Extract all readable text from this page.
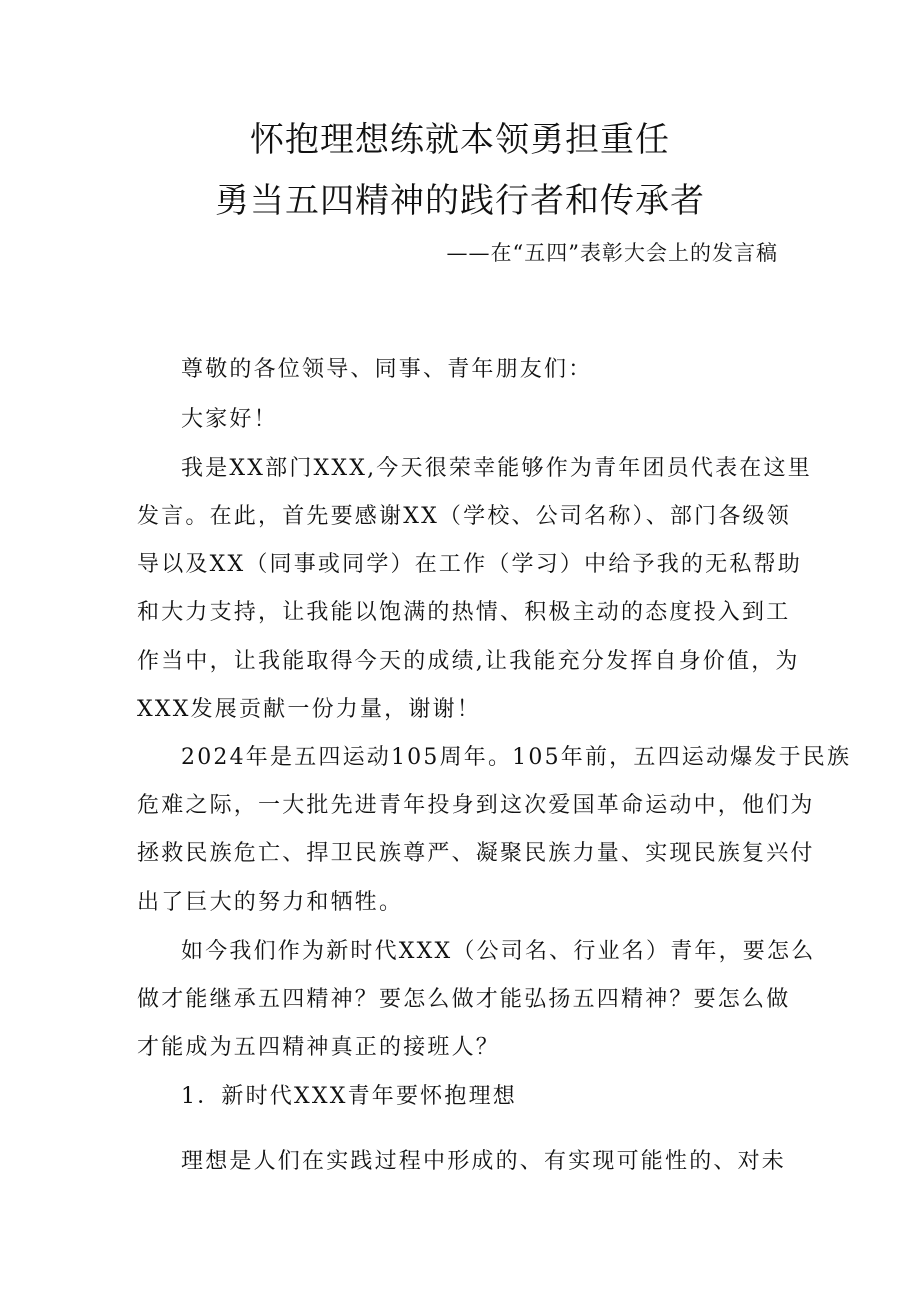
怀抱理想练就本领勇担重任
勇当五四精神的践行者和传承者
——在“五四”表彰大会上的发言稿
尊敬的各位领导、同事、青年朋友们：
大家好！
我是XX部门XXX,今天很荣幸能够作为青年团员代表在这里
发言。在此，首先要感谢XX（学校、公司名称）、部门各级领
导以及XX（同事或同学）在工作（学习）中给予我的无私帮助
和大力支持，让我能以饱满的热情、积极主动的态度投入到工
作当中，让我能取得今天的成绩,让我能充分发挥自身价值，为
XXX发展贡献一份力量，谢谢！
2024年是五四运动105周年。105年前，五四运动爆发于民族
危难之际，一大批先进青年投身到这次爱国革命运动中，他们为
拯救民族危亡、捍卫民族尊严、凝聚民族力量、实现民族复兴付
出了巨大的努力和牺牲。
如今我们作为新时代XXX（公司名、行业名）青年，要怎么
做才能继承五四精神？要怎么做才能弘扬五四精神？要怎么做
才能成为五四精神真正的接班人？
1．新时代XXX青年要怀抱理想
理想是人们在实践过程中形成的、有实现可能性的、对未
